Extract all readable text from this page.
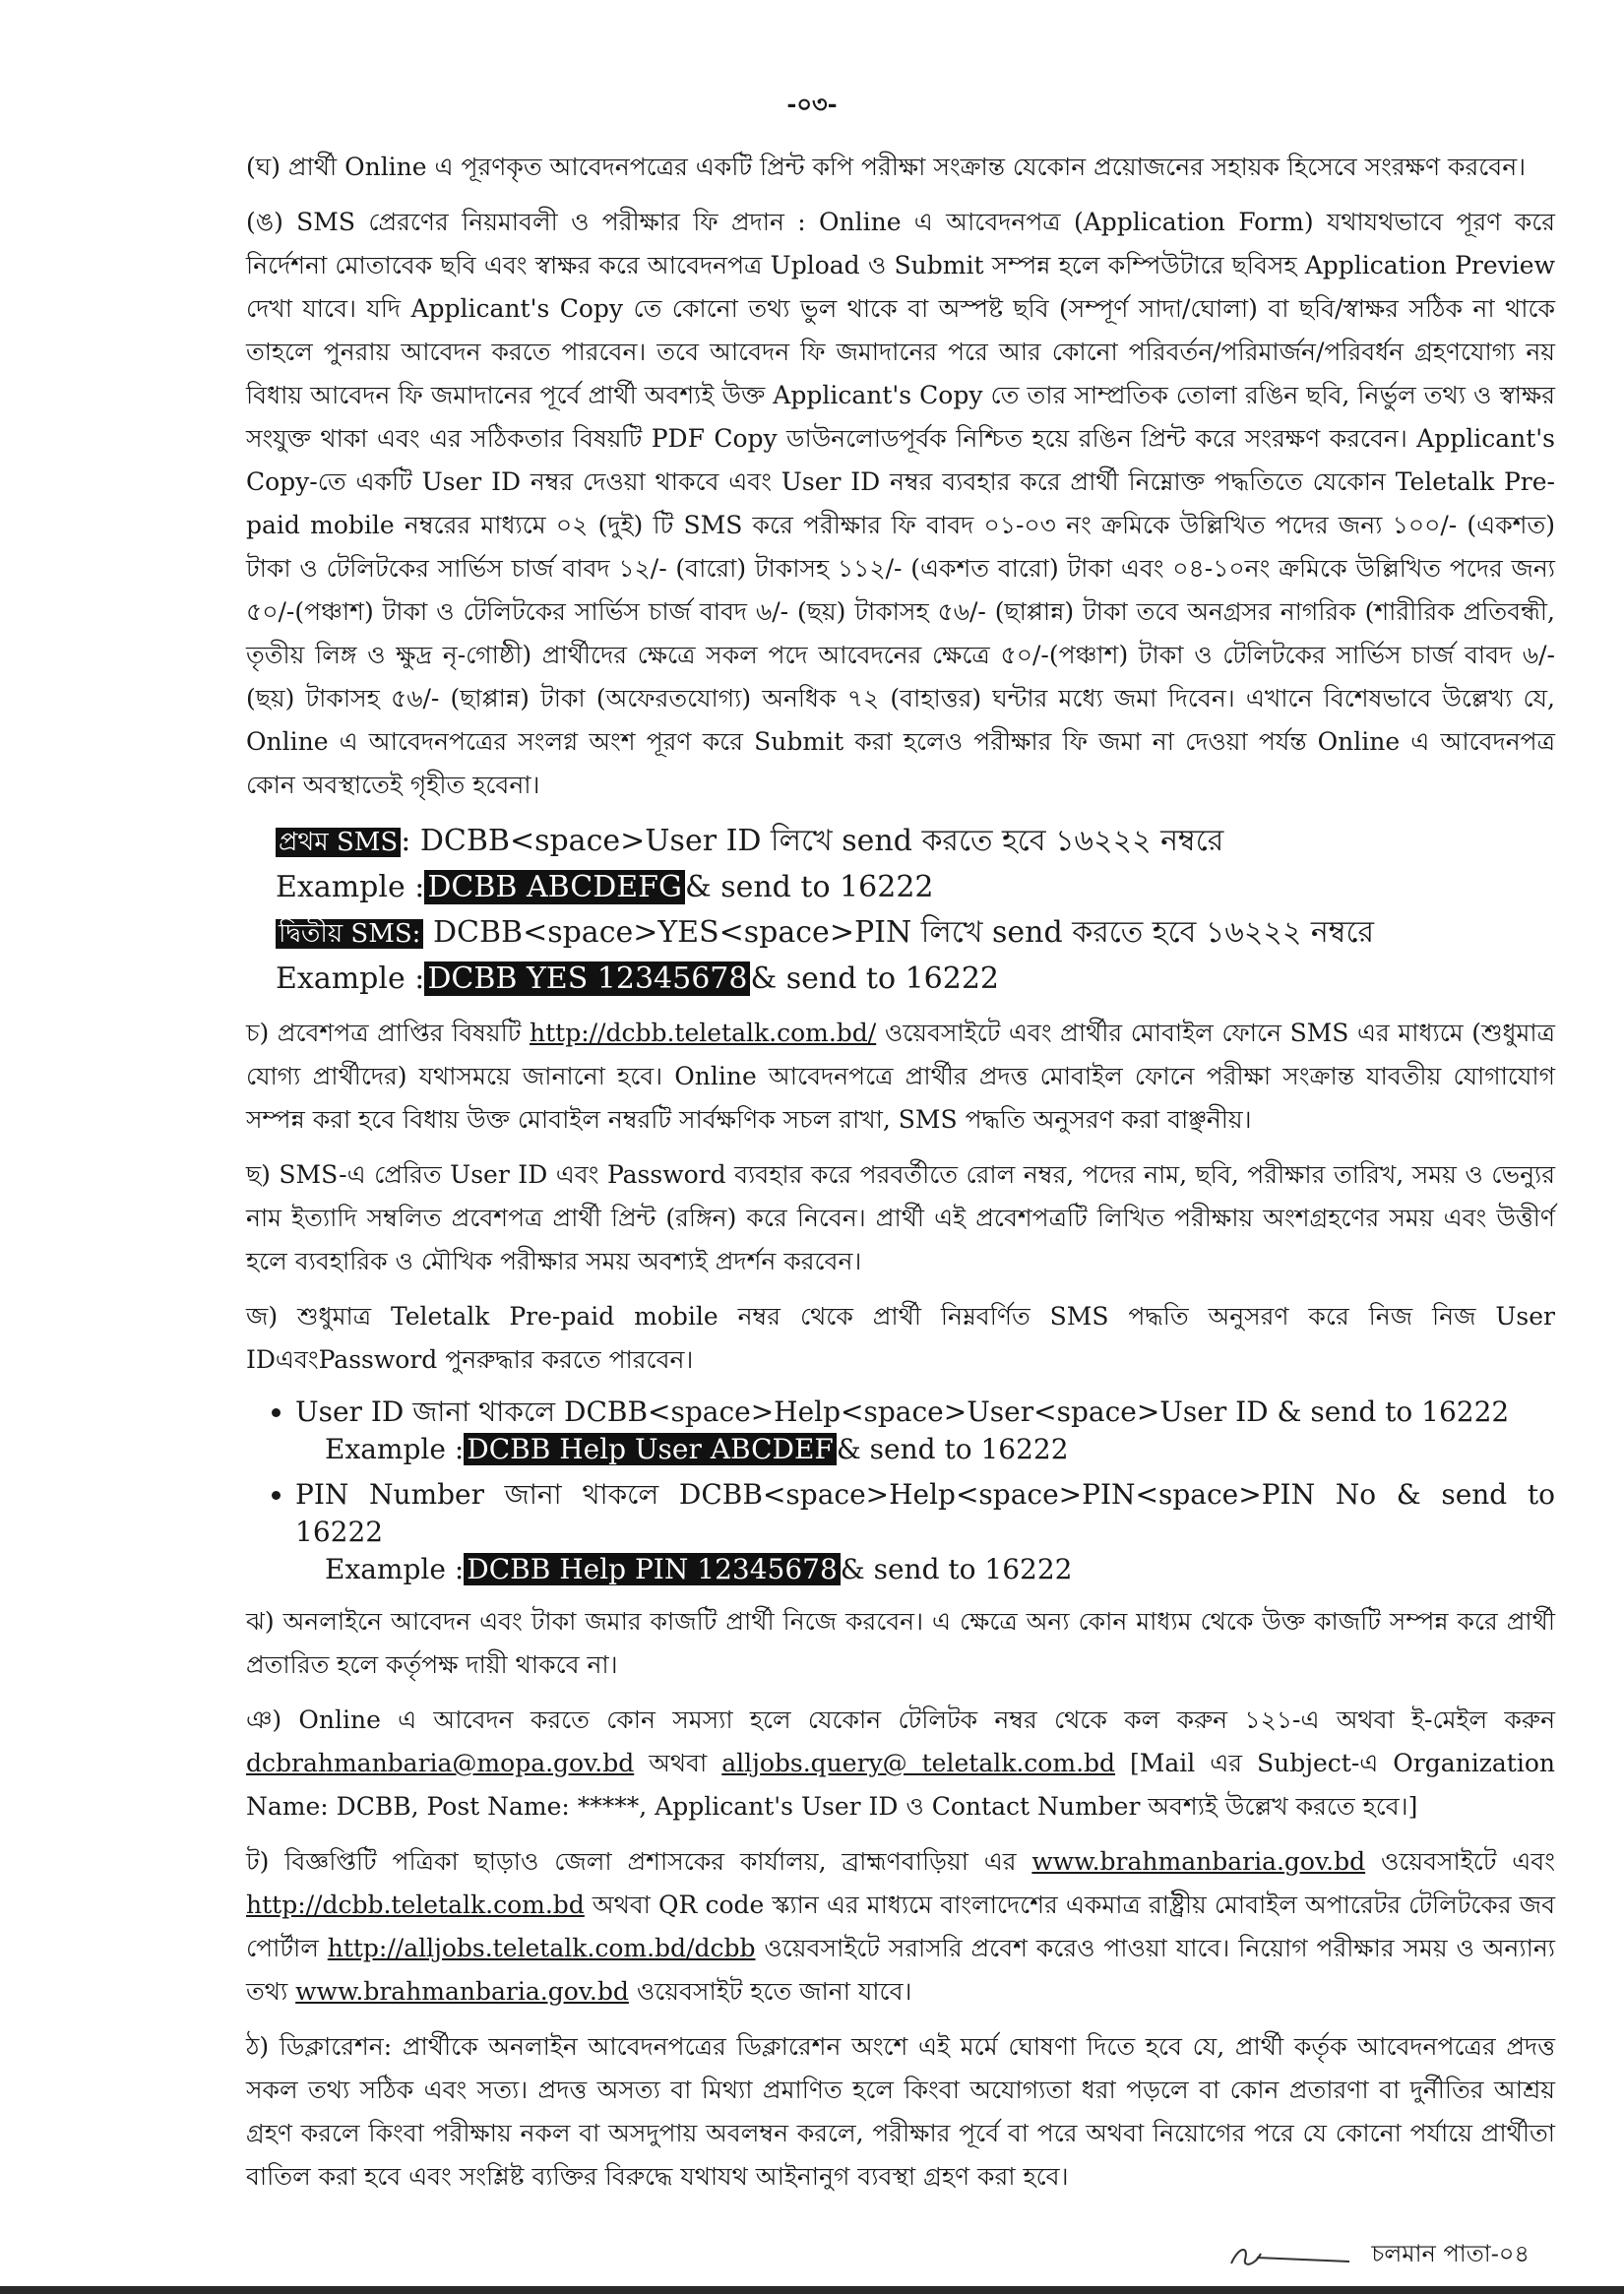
-০৩-

(ঘ) প্রার্থী Online এ পূরণকৃত আবেদনপত্রের একটি প্রিন্ট কপি পরীক্ষা সংক্রান্ত যেকোন প্রয়োজনের সহায়ক হিসেবে সংরক্ষণ করবেন।

(ঙ) SMS প্রেরণের নিয়মাবলী ও পরীক্ষার ফি প্রদান : Online এ আবেদনপত্র (Application Form) যথাযথভাবে পূরণ করে নির্দেশনা মোতাবেক ছবি এবং স্বাক্ষর করে আবেদনপত্র Upload ও Submit সম্পন্ন হলে কম্পিউটারে ছবিসহ Application Preview দেখা যাবে। যদি Applicant's Copy তে কোনো তথ্য ভুল থাকে বা অস্পষ্ট ছবি (সম্পূর্ণ সাদা/ঘোলা) বা ছবি/স্বাক্ষর সঠিক না থাকে তাহলে পুনরায় আবেদন করতে পারবেন। তবে আবেদন ফি জমাদানের পরে আর কোনো পরিবর্তন/পরিমার্জন/পরিবর্ধন গ্রহণযোগ্য নয় বিধায় আবেদন ফি জমাদানের পূর্বে প্রার্থী অবশ্যই উক্ত Applicant's Copy তে তার সাম্প্রতিক তোলা রঙিন ছবি, নির্ভুল তথ্য ও স্বাক্ষর সংযুক্ত থাকা এবং এর সঠিকতার বিষয়টি PDF Copy ডাউনলোডপূর্বক নিশ্চিত হয়ে রঙিন প্রিন্ট করে সংরক্ষণ করবেন। Applicant's Copy-তে একটি User ID নম্বর দেওয়া থাকবে এবং User ID নম্বর ব্যবহার করে প্রার্থী নিম্নোক্ত পদ্ধতিতে যেকোন Teletalk Pre-paid mobile নম্বরের মাধ্যমে ০২ (দুই) টি SMS করে পরীক্ষার ফি বাবদ ০১-০৩ নং ক্রমিকে উল্লিখিত পদের জন্য ১০০/- (একশত) টাকা ও টেলিটকের সার্ভিস চার্জ বাবদ ১২/- (বারো) টাকাসহ ১১২/- (একশত বারো) টাকা এবং ০৪-১০নং ক্রমিকে উল্লিখিত পদের জন্য ৫০/-(পঞ্চাশ) টাকা ও টেলিটকের সার্ভিস চার্জ বাবদ ৬/- (ছয়) টাকাসহ ৫৬/- (ছাপ্পান্ন) টাকা তবে অনগ্রসর নাগরিক (শারীরিক প্রতিবন্ধী, তৃতীয় লিঙ্গ ও ক্ষুদ্র নৃ-গোষ্ঠী) প্রার্থীদের ক্ষেত্রে সকল পদে আবেদনের ক্ষেত্রে ৫০/-(পঞ্চাশ) টাকা ও টেলিটকের সার্ভিস চার্জ বাবদ ৬/- (ছয়) টাকাসহ ৫৬/- (ছাপ্পান্ন) টাকা (অফেরতযোগ্য) অনধিক ৭২ (বাহাত্তর) ঘন্টার মধ্যে জমা দিবেন। এখানে বিশেষভাবে উল্লেখ্য যে, Online এ আবেদনপত্রের সংলগ্ন অংশ পূরণ করে Submit করা হলেও পরীক্ষার ফি জমা না দেওয়া পর্যন্ত Online এ আবেদনপত্র কোন অবস্থাতেই গৃহীত হবেনা।

প্রথম SMS : DCBB<space>User ID লিখে send করতে হবে ১৬২২২ নম্বরে
Example : DCBB ABCDEFG & send to 16222
দ্বিতীয় SMS: DCBB<space>YES<space>PIN লিখে send করতে হবে ১৬২২২ নম্বরে
Example : DCBB YES 12345678 & send to 16222

চ) প্রবেশপত্র প্রাপ্তির বিষয়টি http://dcbb.teletalk.com.bd/ ওয়েবসাইটে এবং প্রার্থীর মোবাইল ফোনে SMS এর মাধ্যমে (শুধুমাত্র যোগ্য প্রার্থীদের) যথাসময়ে জানানো হবে। Online আবেদনপত্রে প্রার্থীর প্রদত্ত মোবাইল ফোনে পরীক্ষা সংক্রান্ত যাবতীয় যোগাযোগ সম্পন্ন করা হবে বিধায় উক্ত মোবাইল নম্বরটি সার্বক্ষণিক সচল রাখা, SMS পদ্ধতি অনুসরণ করা বাঞ্ছনীয়।

ছ) SMS-এ প্রেরিত User ID এবং Password ব্যবহার করে পরবর্তীতে রোল নম্বর, পদের নাম, ছবি, পরীক্ষার তারিখ, সময় ও ভেন্যুর নাম ইত্যাদি সম্বলিত প্রবেশপত্র প্রার্থী প্রিন্ট (রঙ্গিন) করে নিবেন। প্রার্থী এই প্রবেশপত্রটি লিখিত পরীক্ষায় অংশগ্রহণের সময় এবং উত্তীর্ণ হলে ব্যবহারিক ও মৌখিক পরীক্ষার সময় অবশ্যই প্রদর্শন করবেন।

জ) শুধুমাত্র Teletalk Pre-paid mobile নম্বর থেকে প্রার্থী নিম্নবর্ণিত SMS পদ্ধতি অনুসরণ করে নিজ নিজ User IDএবংPassword পুনরুদ্ধার করতে পারবেন।

• User ID জানা থাকলে DCBB<space>Help<space>User<space>User ID & send to 16222
Example : DCBB Help User ABCDEF & send to 16222
• PIN Number জানা থাকলে DCBB<space>Help<space>PIN<space>PIN No & send to 16222
Example : DCBB Help PIN 12345678 & send to 16222

ঝ) অনলাইনে আবেদন এবং টাকা জমার কাজটি প্রার্থী নিজে করবেন। এ ক্ষেত্রে অন্য কোন মাধ্যম থেকে উক্ত কাজটি সম্পন্ন করে প্রার্থী প্রতারিত হলে কর্তৃপক্ষ দায়ী থাকবে না।

ঞ) Online এ আবেদন করতে কোন সমস্যা হলে যেকোন টেলিটক নম্বর থেকে কল করুন ১২১-এ অথবা ই-মেইল করুন dcbrahmanbaria@mopa.gov.bd অথবা alljobs.query@ teletalk.com.bd [Mail এর Subject-এ Organization Name: DCBB, Post Name: *****, Applicant's User ID ও Contact Number অবশ্যই উল্লেখ করতে হবে।]

ট) বিজ্ঞপ্তিটি পত্রিকা ছাড়াও জেলা প্রশাসকের কার্যালয়, ব্রাহ্মণবাড়িয়া এর www.brahmanbaria.gov.bd ওয়েবসাইটে এবং http://dcbb.teletalk.com.bd অথবা QR code স্ক্যান এর মাধ্যমে বাংলাদেশের একমাত্র রাষ্ট্রীয় মোবাইল অপারেটর টেলিটকের জব পোর্টাল http://alljobs.teletalk.com.bd/dcbb ওয়েবসাইটে সরাসরি প্রবেশ করেও পাওয়া যাবে। নিয়োগ পরীক্ষার সময় ও অন্যান্য তথ্য www.brahmanbaria.gov.bd ওয়েবসাইট হতে জানা যাবে।

ঠ) ডিক্লারেশন: প্রার্থীকে অনলাইন আবেদনপত্রের ডিক্লারেশন অংশে এই মর্মে ঘোষণা দিতে হবে যে, প্রার্থী কর্তৃক আবেদনপত্রের প্রদত্ত সকল তথ্য সঠিক এবং সত্য। প্রদত্ত অসত্য বা মিথ্যা প্রমাণিত হলে কিংবা অযোগ্যতা ধরা পড়লে বা কোন প্রতারণা বা দুর্নীতির আশ্রয় গ্রহণ করলে কিংবা পরীক্ষায় নকল বা অসদুপায় অবলম্বন করলে, পরীক্ষার পূর্বে বা পরে অথবা নিয়োগের পরে যে কোনো পর্যায়ে প্রার্থীতা বাতিল করা হবে এবং সংশ্লিষ্ট ব্যক্তির বিরুদ্ধে যথাযথ আইনানুগ ব্যবস্থা গ্রহণ করা হবে।

চলমান পাতা-০৪
